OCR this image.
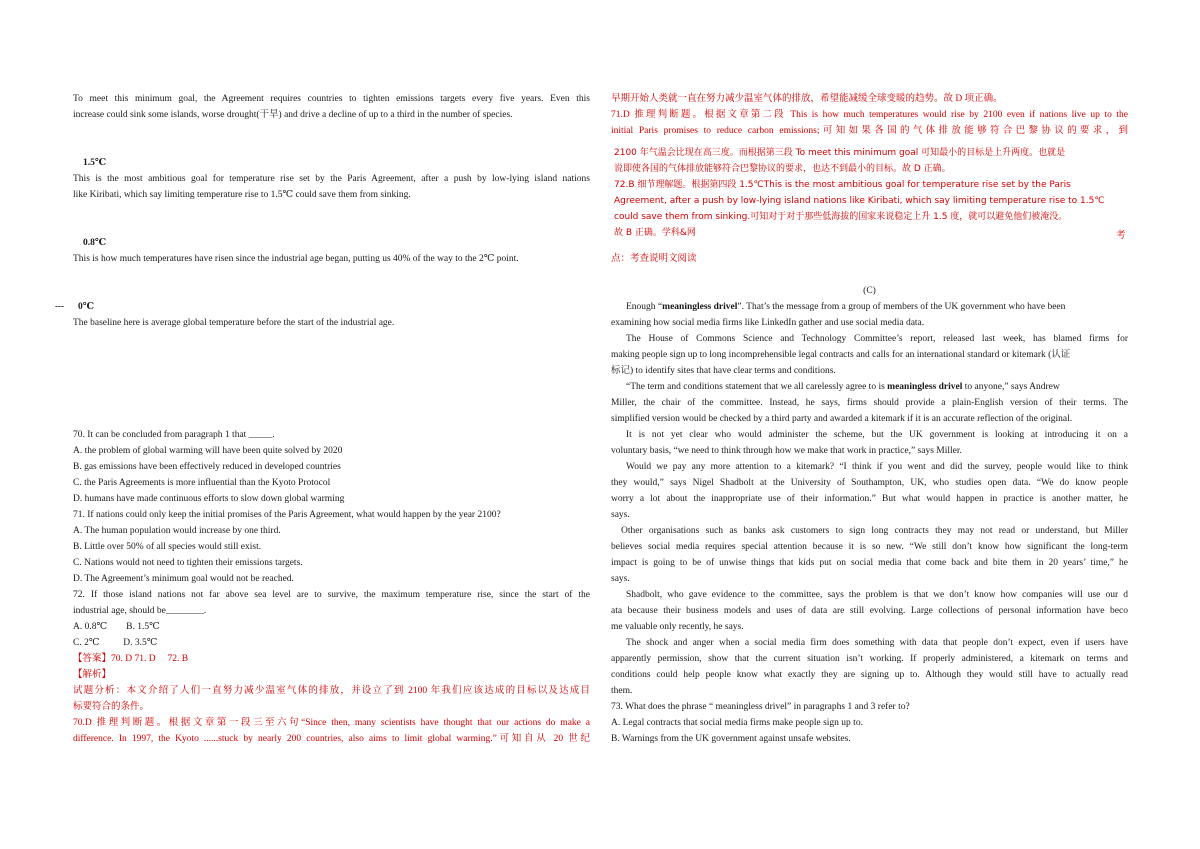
To meet this minimum goal, the Agreement requires countries to tighten emissions targets every five years. Even this
increase could sink some islands, worse drought(干旱) and drive a decline of up to a third in the number of species.
1.5℃
This is the most ambitious goal for temperature rise set by the Paris Agreement, after a push by low-lying island nations
like Kiribati, which say limiting temperature rise to 1.5℃ could save them from sinking.
0.8℃
This is how much temperatures have risen since the industrial age began, putting us 40% of the way to the 2℃ point.
0℃
The baseline here is average global temperature before the start of the industrial age.
70. It can be concluded from paragraph 1 that _____.
A. the problem of global warming will have been quite solved by 2020
B. gas emissions have been effectively reduced in developed countries
C. the Paris Agreements is more influential than the Kyoto Protocol
D. humans have made continuous efforts to slow down global warming
71. If nations could only keep the initial promises of the Paris Agreement, what would happen by the year 2100?
A. The human population would increase by one third.
B. Little over 50% of all species would still exist.
C. Nations would not need to tighten their emissions targets.
D. The Agreement’s minimum goal would not be reached.
72. If those island nations not far above sea level are to survive, the maximum temperature rise, since the start of the
industrial age, should be________.
A. 0.8℃        B. 1.5℃
C. 2℃          D. 3.5℃
【答案】70. D 71. D     72. B
【解析】
试题分析：本文介绍了人们一直努力减少温室气体的排放，并设立了到 2100 年我们应该达成的目标以及达成目
标要符合的条件。
70.D 推理判断题。根据文章第一段三至六句“Since then, many scientists have thought that our actions do make a
difference. In 1997, the Kyoto ......stuck by nearly 200 countries, also aims to limit global warming.”可知自从 20 世纪
---
早期开始人类就一直在努力减少温室气体的排放，希望能减缓全球变暖的趋势。故 D 项正确。
71.D 推理判断题。根据文章第二段 This is how much temperatures would rise by 2100 even if nations live up to the
initial Paris promises to reduce carbon emissions;可知如果各国的气体排放能够符合巴黎协议的要求，到
2100 年气温会比现在高三度。而根据第三段 To meet this minimum goal 可知最小的目标是上升两度。也就是
说即使各国的气体排放能够符合巴黎协议的要求，也达不到最小的目标。故 D 正确。
72.B 细节理解题。根据第四段 1.5℃This is the most ambitious goal for temperature rise set by the Paris
Agreement, after a push by low-lying island nations like Kiribati, which say limiting temperature rise to 1.5℃
could save them from sinking.可知对于对于那些低海拔的国家来说稳定上升 1.5 度，就可以避免他们被淹没。
故 B 正确。学科&网	考
点：考查说明文阅读
(C)
Enough “meaningless drivel”. That’s the message from a group of members of the UK government who have been
examining how social media firms like LinkedIn gather and use social media data.
The House of Commons Science and Technology Committee’s report, released last week, has blamed firms for
making people sign up to long incomprehensible legal contracts and calls for an international standard or kitemark (认证
标记) to identify sites that have clear terms and conditions.
“The term and conditions statement that we all carelessly agree to is meaningless drivel to anyone,” says Andrew
Miller, the chair of the committee. Instead, he says, firms should provide a plain-English version of their terms. The
simplified version would be checked by a third party and awarded a kitemark if it is an accurate reflection of the original.
It is not yet clear who would administer the scheme, but the UK government is looking at introducing it on a
voluntary basis, “we need to think through how we make that work in practice,” says Miller.
Would we pay any more attention to a kitemark? “I think if you went and did the survey, people would like to think
they would,” says Nigel Shadbolt at the University of Southampton, UK, who studies open data. “We do know people
worry a lot about the inappropriate use of their information.” But what would happen in practice is another matter, he
says.
Other organisations such as banks ask customers to sign long contracts they may not read or understand, but Miller
believes social media requires special attention because it is so new. “We still don’t know how significant the long-term
impact is going to be of unwise things that kids put on social media that come back and bite them in 20 years’ time,” he
says.
Shadbolt, who gave evidence to the committee, says the problem is that we don’t know how companies will use our d
ata because their business models and uses of data are still evolving. Large collections of personal information have beco
me valuable only recently, he says.
The shock and anger when a social media firm does something with data that people don’t expect, even if users have
apparently permission, show that the current situation isn’t working. If properly administered, a kitemark on terms and
conditions could help people know what exactly they are signing up to. Although they would still have to actually read
them.
73. What does the phrase “ meaningless drivel” in paragraphs 1 and 3 refer to?
A. Legal contracts that social media firms make people sign up to.
B. Warnings from the UK government against unsafe websites.
